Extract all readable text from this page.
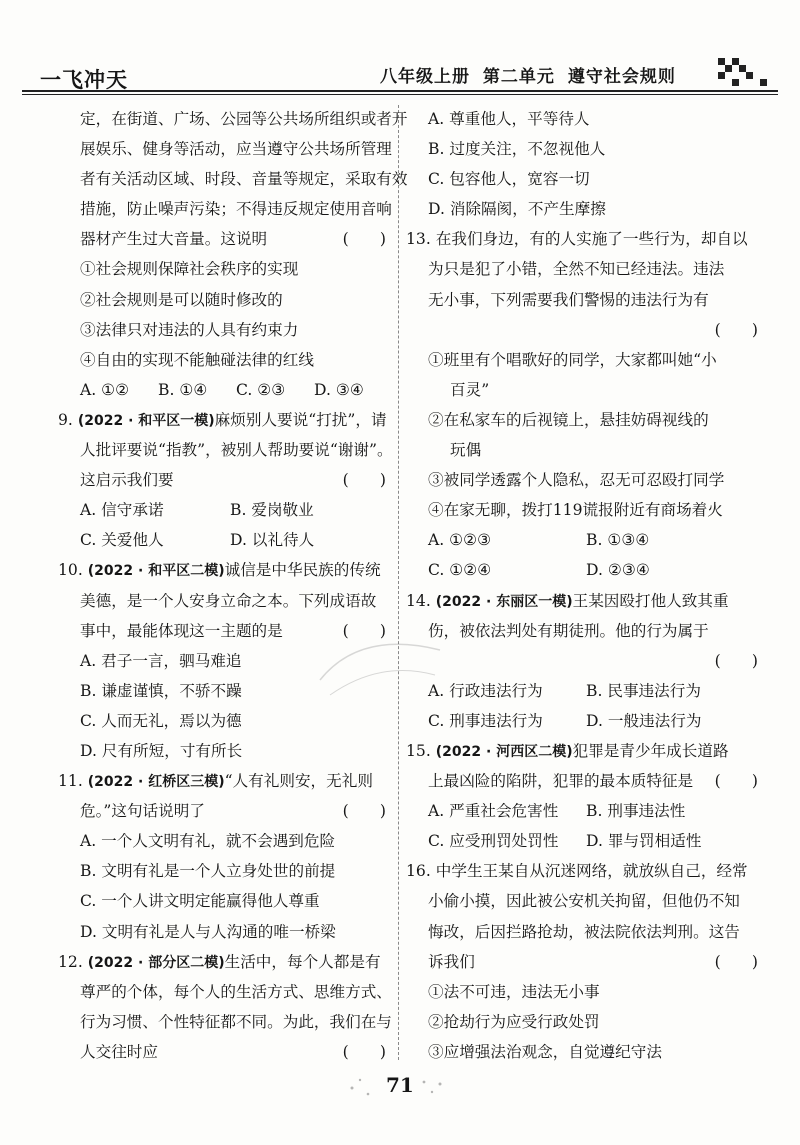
一飞冲天	八年级上册 第二单元 遵守社会规则
定，在街道、广场、公园等公共场所组织或者开
展娱乐、健身等活动，应当遵守公共场所管理
者有关活动区域、时段、音量等规定，采取有效
措施，防止噪声污染；不得违反规定使用音响
器材产生过大音量。这说明	(　　)
①社会规则保障社会秩序的实现
②社会规则是可以随时修改的
③法律只对违法的人具有约束力
④自由的实现不能触碰法律的红线
A. ①②	B. ①④	C. ②③	D. ③④
9. (2022 · 和平区一模)麻烦别人要说“打扰”，请
人批评要说“指教”，被别人帮助要说“谢谢”。
这启示我们要	(　　)
A. 信守承诺	B. 爱岗敬业
C. 关爱他人	D. 以礼待人
10. (2022 · 和平区二模)诚信是中华民族的传统
美德，是一个人安身立命之本。下列成语故
事中，最能体现这一主题的是	(　　)
A. 君子一言，驷马难追
B. 谦虚谨慎，不骄不躁
C. 人而无礼，焉以为德
D. 尺有所短，寸有所长
11. (2022 · 红桥区三模)“人有礼则安，无礼则
危。”这句话说明了	(　　)
A. 一个人文明有礼，就不会遇到危险
B. 文明有礼是一个人立身处世的前提
C. 一个人讲文明定能赢得他人尊重
D. 文明有礼是人与人沟通的唯一桥梁
12. (2022 · 部分区二模)生活中，每个人都是有
尊严的个体，每个人的生活方式、思维方式、
行为习惯、个性特征都不同。为此，我们在与
人交往时应	(　　)
A. 尊重他人，平等待人
B. 过度关注，不忽视他人
C. 包容他人，宽容一切
D. 消除隔阂，不产生摩擦
13. 在我们身边，有的人实施了一些行为，却自以
为只是犯了小错，全然不知已经违法。违法
无小事，下列需要我们警惕的违法行为有
(　　)
①班里有个唱歌好的同学，大家都叫她“小
百灵”
②在私家车的后视镜上，悬挂妨碍视线的
玩偶
③被同学透露个人隐私，忍无可忍殴打同学
④在家无聊，拨打119谎报附近有商场着火
A. ①②③	B. ①③④
C. ①②④	D. ②③④
14. (2022 · 东丽区一模)王某因殴打他人致其重
伤，被依法判处有期徒刑。他的行为属于
(　　)
A. 行政违法行为	B. 民事违法行为
C. 刑事违法行为	D. 一般违法行为
15. (2022 · 河西区二模)犯罪是青少年成长道路
上最凶险的陷阱，犯罪的最本质特征是 (　　)
A. 严重社会危害性	B. 刑事违法性
C. 应受刑罚处罚性	D. 罪与罚相适性
16. 中学生王某自从沉迷网络，就放纵自己，经常
小偷小摸，因此被公安机关拘留，但他仍不知
悔改，后因拦路抢劫，被法院依法判刑。这告
诉我们	(　　)
①法不可违，违法无小事
②抢劫行为应受行政处罚
③应增强法治观念，自觉遵纪守法
71
